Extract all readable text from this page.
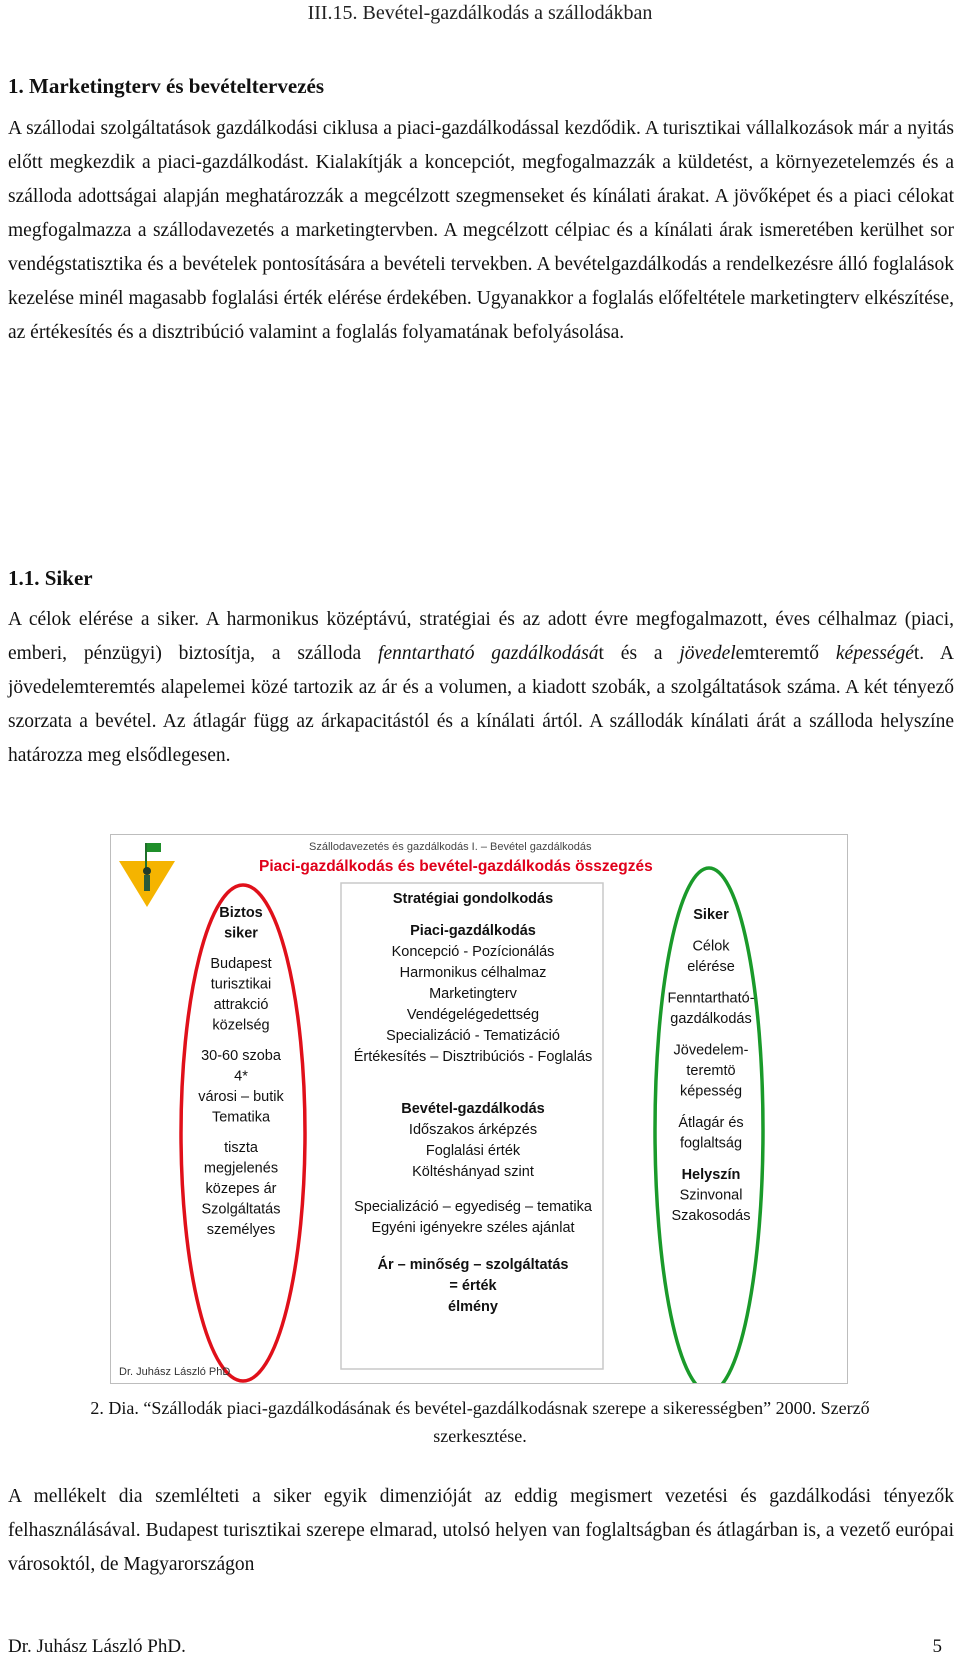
III.15. Bevétel-gazdálkodás a szállodákban
1. Marketingterv és bevételtervezés
A szállodai szolgáltatások gazdálkodási ciklusa a piaci-gazdálkodással kezdődik. A turisztikai vállalkozások már a nyitás előtt megkezdik a piaci-gazdálkodást. Kialakítják a koncepciót, megfogalmazzák a küldetést, a környezetelemzés és a szálloda adottságai alapján meghatározzák a megcélzott szegmenseket és kínálati árakat. A jövőképet és a piaci célokat megfogalmazza a szállodavezetés a marketingtervben. A megcélzott célpiac és a kínálati árak ismeretében kerülhet sor vendégstatisztika és a bevételek pontosítására a bevételi tervekben. A bevételgazdálkodás a rendelkezésre álló foglalások kezelése minél magasabb foglalási érték elérése érdekében. Ugyanakkor a foglalás előfeltétele marketingterv elkészítése, az értékesítés és a disztribúció valamint a foglalás folyamatának befolyásolása.
1.1. Siker
A célok elérése a siker. A harmonikus középtávú, stratégiai és az adott évre megfogalmazott, éves célhalmaz (piaci, emberi, pénzügyi) biztosítja, a szálloda fenntartható gazdálkodását és a jövedelemteremtő képességét. A jövedelemteremtés alapelemei közé tartozik az ár és a volumen, a kiadott szobák, a szolgáltatások száma. A két tényező szorzata a bevétel. Az átlagár függ az árkapacitástól és a kínálati ártól. A szállodák kínálati árát a szálloda helyszíne határozza meg elsődlegesen.
Szállodavezetés és gazdálkodás I. – Bevétel gazdálkodás
Piaci-gazdálkodás és bevétel-gazdálkodás összegzés
Biztos
siker
Budapest
turisztikai
attrakció
közelség
30-60 szoba
4*
városi – butik
Tematika
tiszta
megjelenés
közepes ár
Szolgáltatás
személyes
Stratégiai gondolkodás
Piaci-gazdálkodás
Koncepció - Pozícionálás
Harmonikus célhalmaz
Marketingterv
Vendégelégedettség
Specializáció - Tematizáció
Értékesítés – Disztribúciós - Foglalás
Bevétel-gazdálkodás
Időszakos árképzés
Foglalási érték
Költéshányad szint
Specializáció – egyediség – tematika
Egyéni igényekre széles ajánlat
Ár – minőség – szolgáltatás
= érték
élmény
Siker
Célok
elérése
Fenntartható-
gazdálkodás
Jövedelem-
teremtö
képesség
Átlagár és
foglaltság
Helyszín
Szinvonal
Szakosodás
Dr. Juhász László PhD
2. Dia. “Szállodák piaci-gazdálkodásának és bevétel-gazdálkodásnak szerepe a sikerességben” 2000. Szerző szerkesztése.
A mellékelt dia szemlélteti a siker egyik dimenzióját az eddig megismert vezetési és gazdálkodási tényezők felhasználásával. Budapest turisztikai szerepe elmarad, utolsó helyen van foglaltságban és átlagárban is, a vezető európai városoktól, de Magyarországon
Dr. Juhász László PhD.	5
